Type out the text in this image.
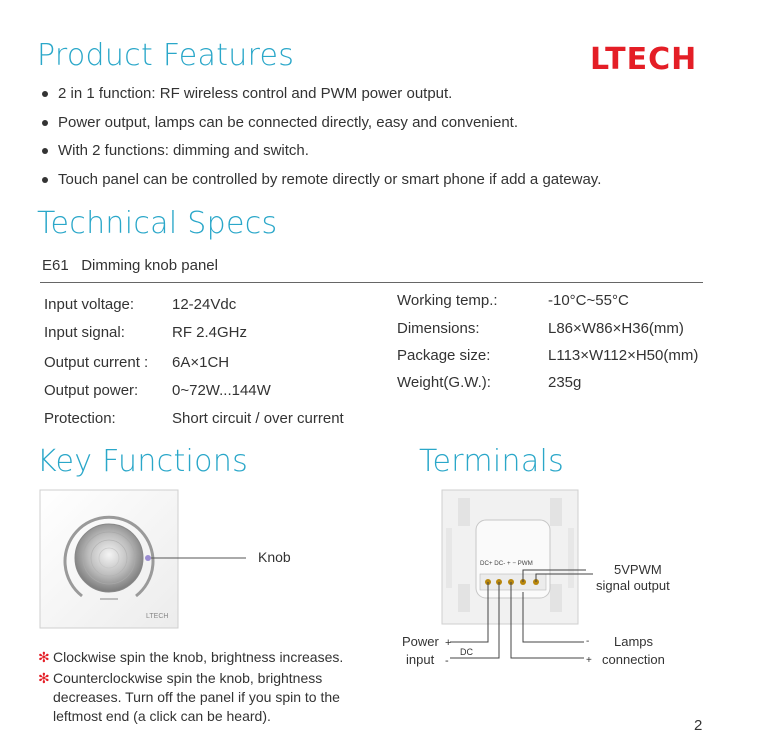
Product Features	LTECH
2 in 1 function: RF wireless control and PWM power output.
Power output, lamps can be connected directly, easy and convenient.
With 2 functions: dimming and switch.
Touch panel can be controlled by remote directly or smart phone if add a gateway.
Technical Specs
E61 Dimming knob panel
Input voltage:	12-24Vdc
Input signal:	RF 2.4GHz
Output current : 6A×1CH
Output power: 0~72W...144W
Protection:	Short circuit / over current
Working temp.:	-10°C~55°C
Dimensions:	L86×W86×H36(mm)
Package size:	L113×W112×H50(mm)
Weight(G.W.):	235g
Key Functions
LTECH
Knob
✻ Clockwise spin the knob, brightness increases.
✻ Counterclockwise spin the knob, brightness decreases. Turn off the panel if you spin to the leftmost end (a click can be heard).
Terminals
DC+ DC- + − PWM	5VPWM
signal output
DC
Power +
input -
-
+
Lamps
connection
2
